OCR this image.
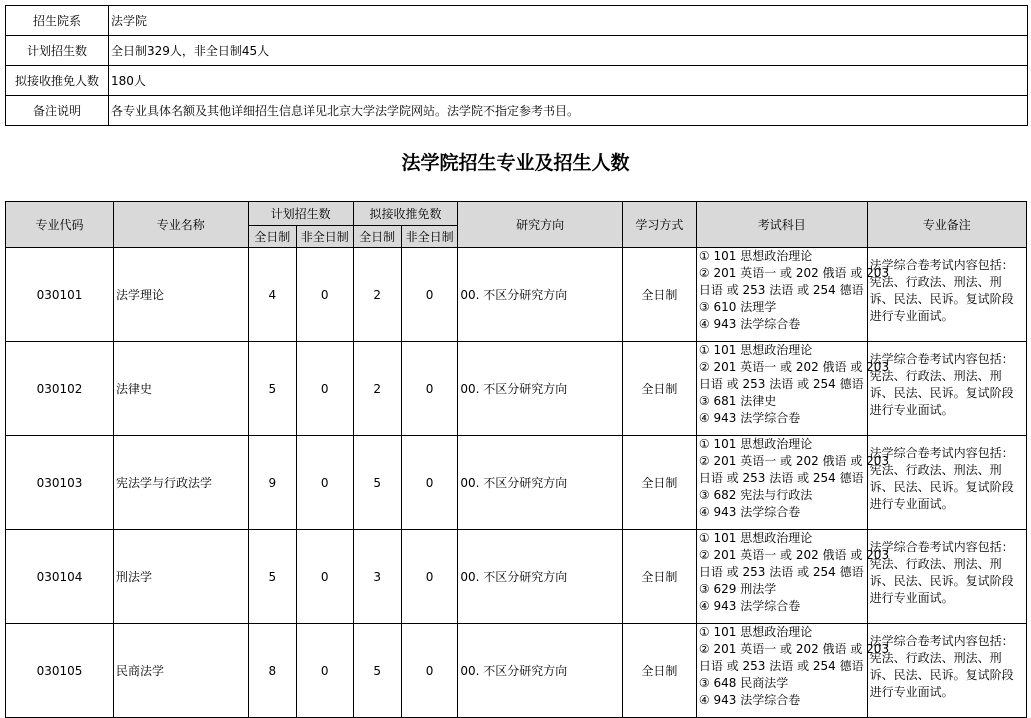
招生院系	法学院
计划招生数	全日制329人，非全日制45人
拟接收推免人数	180人
备注说明	各专业具体名额及其他详细招生信息详见北京大学法学院网站。法学院不指定参考书目。
法学院招生专业及招生人数
专业代码	专业名称	计划招生数		拟接收推免数		研究方向	学习方式	考试科目	专业备注
		全日制	非全日制	全日制	非全日制				
030101	法学理论	4	0	2	0	00. 不区分研究方向	全日制	① 101 思想政治理论
② 201 英语一 或 202 俄语 或 203
日语 或 253 法语 或 254 德语
③ 610 法理学
④ 943 法学综合卷	法学综合卷考试内容包括：宪法、行政法、刑法、刑诉、民法、民诉。复试阶段进行专业面试。
030102	法律史	5	0	2	0	00. 不区分研究方向	全日制	① 101 思想政治理论
② 201 英语一 或 202 俄语 或 203
日语 或 253 法语 或 254 德语
③ 681 法律史
④ 943 法学综合卷	法学综合卷考试内容包括：宪法、行政法、刑法、刑诉、民法、民诉。复试阶段进行专业面试。
030103	宪法学与行政法学	9	0	5	0	00. 不区分研究方向	全日制	① 101 思想政治理论
② 201 英语一 或 202 俄语 或 203
日语 或 253 法语 或 254 德语
③ 682 宪法与行政法
④ 943 法学综合卷	法学综合卷考试内容包括：宪法、行政法、刑法、刑诉、民法、民诉。复试阶段进行专业面试。
030104	刑法学	5	0	3	0	00. 不区分研究方向	全日制	① 101 思想政治理论
② 201 英语一 或 202 俄语 或 203
日语 或 253 法语 或 254 德语
③ 629 刑法学
④ 943 法学综合卷	法学综合卷考试内容包括：宪法、行政法、刑法、刑诉、民法、民诉。复试阶段进行专业面试。
030105	民商法学	8	0	5	0	00. 不区分研究方向	全日制	① 101 思想政治理论
② 201 英语一 或 202 俄语 或 203
日语 或 253 法语 或 254 德语
③ 648 民商法学
④ 943 法学综合卷	法学综合卷考试内容包括：宪法、行政法、刑法、刑诉、民法、民诉。复试阶段进行专业面试。
